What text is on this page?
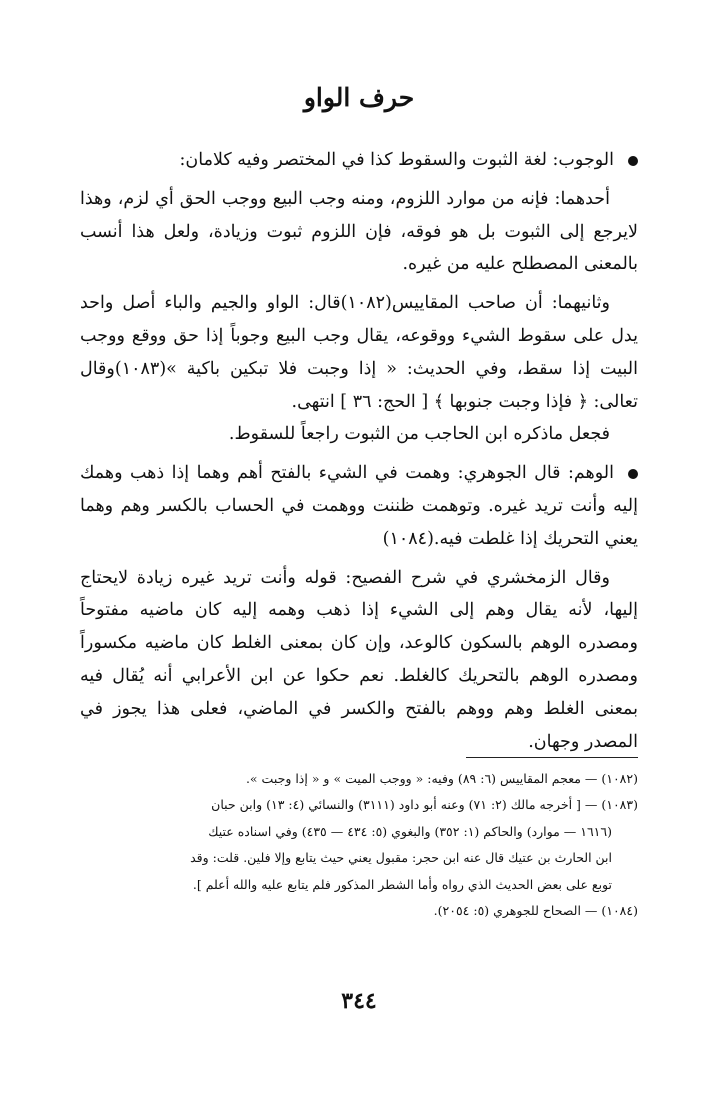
حرف الواو

الوجوب: لغة الثبوت والسقوط كذا في المختصر وفيه كلامان:

أحدهما: فإنه من موارد اللزوم، ومنه وجب البيع ووجب الحق أي لزم، وهذا لايرجع إلى الثبوت بل هو فوقه، فإن اللزوم ثبوت وزيادة، ولعل هذا أنسب بالمعنى المصطلح عليه من غيره.

وثانيهما: أن صاحب المقاييس(١٠٨٢)قال: الواو والجيم والباء أصل واحد يدل على سقوط الشيء ووقوعه، يقال وجب البيع وجوباً إذا حق ووقع ووجب البيت إذا سقط، وفي الحديث: « إذا وجبت فلا تبكين باكية »(١٠٨٣)وقال تعالى: ﴿ فإذا وجبت جنوبها ﴾ [ الحج: ٣٦ ] انتهى.

فجعل ماذكره ابن الحاجب من الثبوت راجعاً للسقوط.

الوهم: قال الجوهري: وهمت في الشيء بالفتح أهم وهما إذا ذهب وهمك إليه وأنت تريد غيره. وتوهمت ظننت ووهمت في الحساب بالكسر وهم وهما يعني التحريك إذا غلطت فيه.(١٠٨٤)

وقال الزمخشري في شرح الفصيح: قوله وأنت تريد غيره زيادة لايحتاج إليها، لأنه يقال وهم إلى الشيء إذا ذهب وهمه إليه كان ماضيه مفتوحاً ومصدره الوهم بالسكون كالوعد، وإن كان بمعنى الغلط كان ماضيه مكسوراً ومصدره الوهم بالتحريك كالغلط. نعم حكوا عن ابن الأعرابي أنه يُقال فيه بمعنى الغلط وهم ووهم بالفتح والكسر في الماضي، فعلى هذا يجوز في المصدر وجهان.

(١٠٨٢) — معجم المقاييس (٦: ٨٩) وفيه: « ووجب الميت » و « إذا وجبت ».

(١٠٨٣) — [ أخرجه مالك (٢: ٧١) وعنه أبو داود (٣١١١) والنسائي (٤: ١٣) وابن حبان

(١٦١٦ — موارد) والحاكم (١: ٣٥٢) والبغوي (٥: ٤٣٤ — ٤٣٥) وفي اسناده عتيك

ابن الحارث بن عتيك قال عنه ابن حجر: مقبول يعني حيث يتابع وإلا فلين. قلت: وقد

توبع على بعض الحديث الذي رواه وأما الشطر المذكور فلم يتابع عليه والله أعلم ].

(١٠٨٤) — الصحاح للجوهري (٥: ٢٠٥٤).

٣٤٤
